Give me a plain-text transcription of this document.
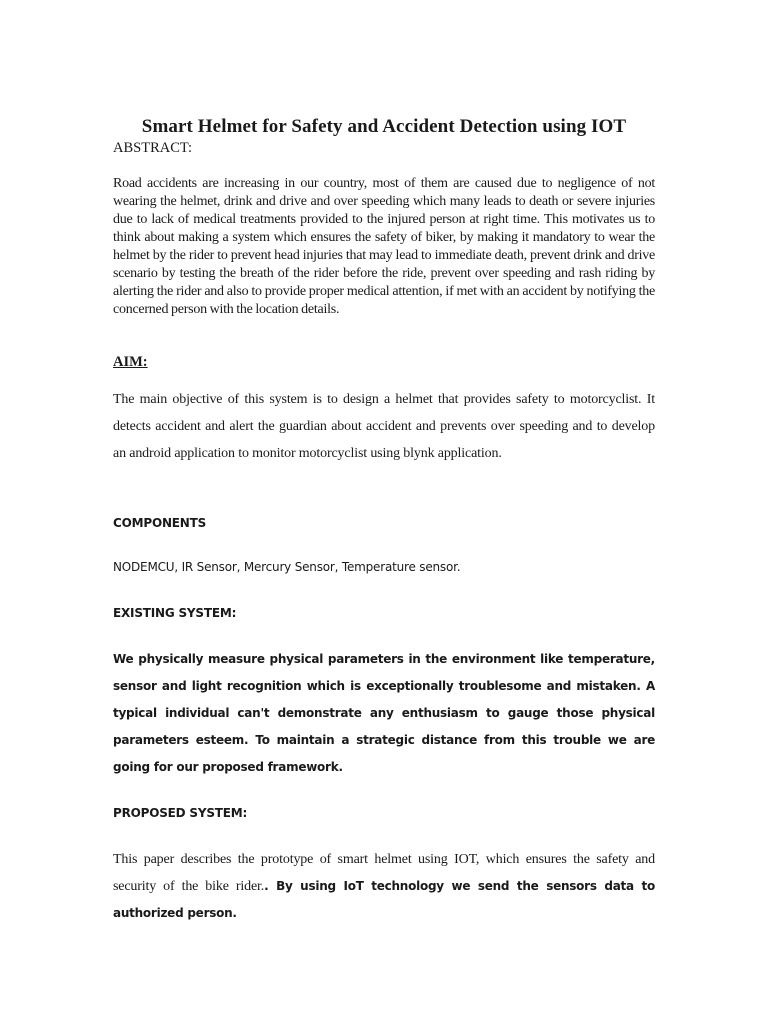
Smart Helmet for Safety and Accident Detection using IOT
ABSTRACT:
Road accidents are increasing in our country, most of them are caused due to negligence of not wearing the helmet, drink and drive and over speeding which many leads to death or severe injuries due to lack of medical treatments provided to the injured person at right time. This motivates us to think about making a system which ensures the safety of biker, by making it mandatory to wear the helmet by the rider to prevent head injuries that may lead to immediate death, prevent drink and drive scenario by testing the breath of the rider before the ride, prevent over speeding and rash riding by alerting the rider and also to provide proper medical attention, if met with an accident by notifying the concerned person with the location details.
AIM:
The main objective of this system is to design a helmet that provides safety to motorcyclist. It detects accident and alert the guardian about accident and prevents over speeding and to develop an android application to monitor motorcyclist using blynk application.
COMPONENTS
NODEMCU, IR Sensor, Mercury Sensor, Temperature sensor.
EXISTING SYSTEM:
We physically measure physical parameters in the environment like temperature, sensor and light recognition which is exceptionally troublesome and mistaken. A typical individual can't demonstrate any enthusiasm to gauge those physical parameters esteem. To maintain a strategic distance from this trouble we are going for our proposed framework.
PROPOSED SYSTEM:
This paper describes the prototype of smart helmet using IOT, which ensures the safety and security of the bike rider.. By using IoT technology we send the sensors data to authorized person.
